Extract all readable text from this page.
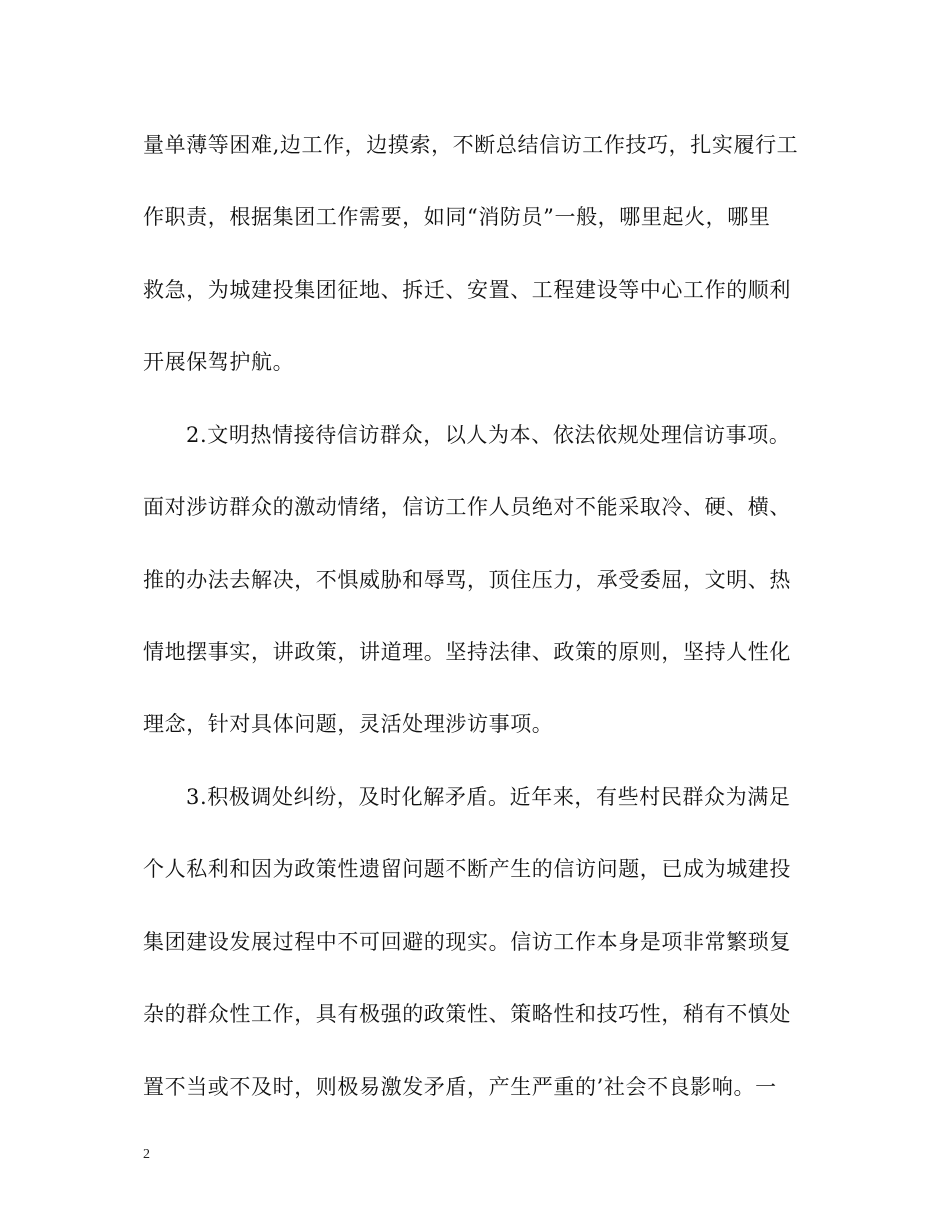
量单薄等困难,边工作，边摸索，不断总结信访工作技巧，扎实履行工
作职责，根据集团工作需要，如同“消防员”一般，哪里起火，哪里
救急，为城建投集团征地、拆迁、安置、工程建设等中心工作的顺利
开展保驾护航。
2.文明热情接待信访群众，以人为本、依法依规处理信访事项。
面对涉访群众的激动情绪，信访工作人员绝对不能采取冷、硬、横、
推的办法去解决，不惧威胁和辱骂，顶住压力，承受委屈，文明、热
情地摆事实，讲政策，讲道理。坚持法律、政策的原则，坚持人性化
理念，针对具体问题，灵活处理涉访事项。
3.积极调处纠纷，及时化解矛盾。近年来，有些村民群众为满足
个人私利和因为政策性遗留问题不断产生的信访问题，已成为城建投
集团建设发展过程中不可回避的现实。信访工作本身是项非常繁琐复
杂的群众性工作，具有极强的政策性、策略性和技巧性，稍有不慎处
置不当或不及时，则极易激发矛盾，产生严重的’社会不良影响。一
2
